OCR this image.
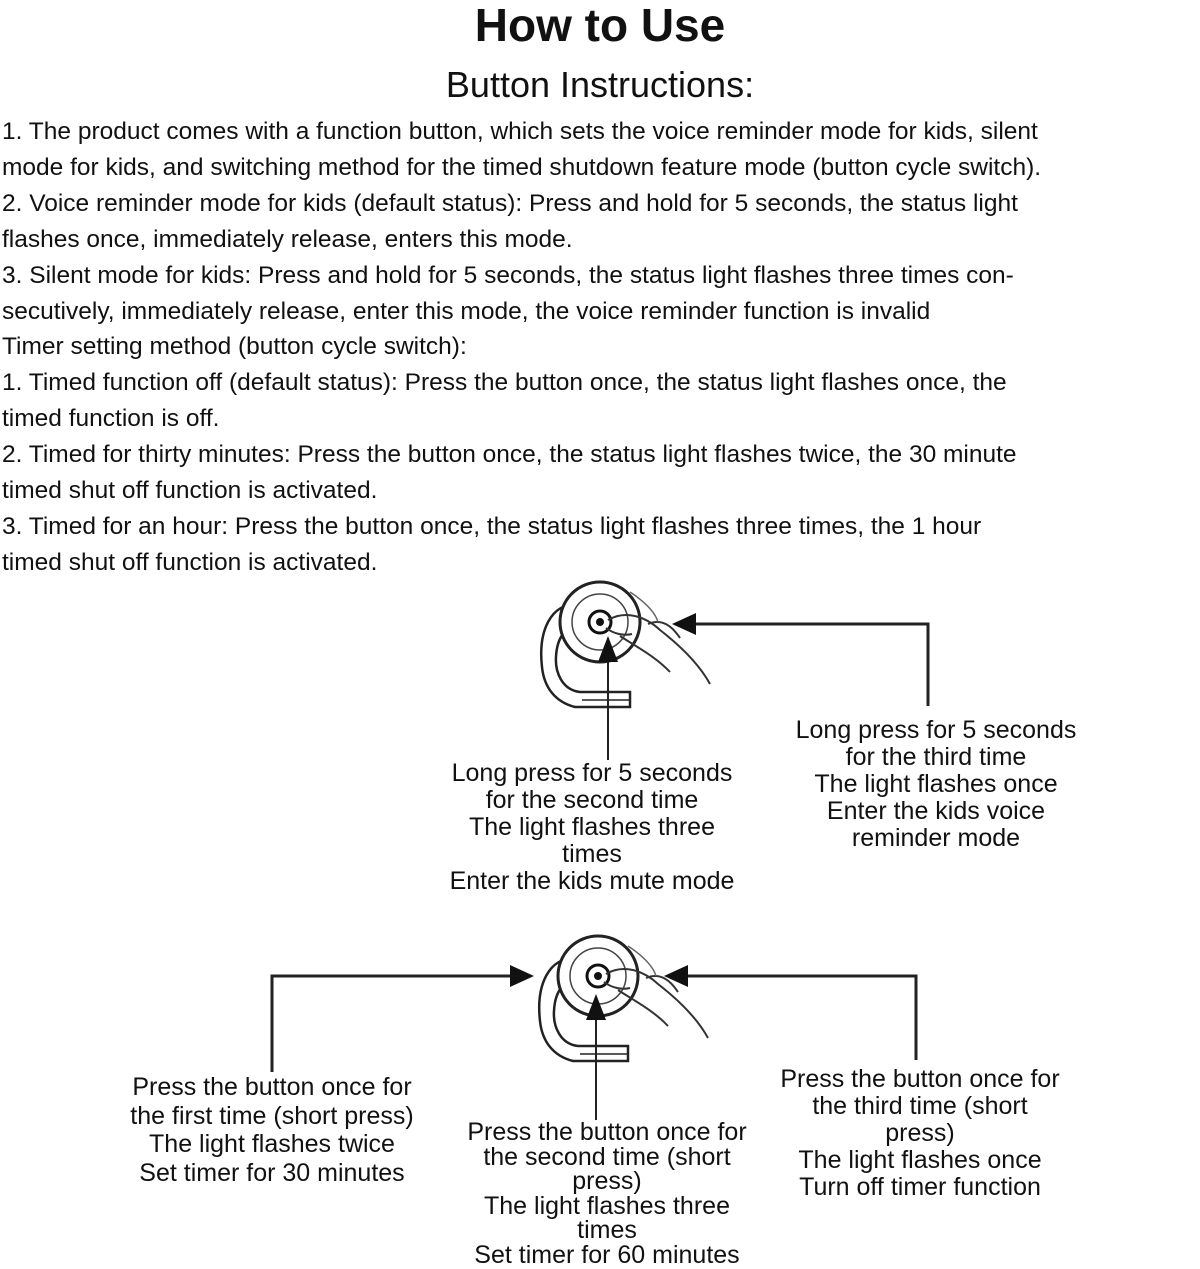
How to Use
Button Instructions:
1. The product comes with a function button, which sets the voice reminder mode for kids, silent
mode for kids, and switching method for the timed shutdown feature mode (button cycle switch).
2. Voice reminder mode for kids (default status): Press and hold for 5 seconds, the status light
flashes once, immediately release, enters this mode.
3. Silent mode for kids: Press and hold for 5 seconds, the status light flashes three times con-
secutively, immediately release, enter this mode, the voice reminder function is invalid
Timer setting method (button cycle switch):
1. Timed function off (default status): Press the button once, the status light flashes once, the
timed function is off.
2. Timed for thirty minutes: Press the button once, the status light flashes twice, the 30 minute
timed shut off function is activated.
3. Timed for an hour: Press the button once, the status light flashes three times, the 1 hour
timed shut off function is activated.
Long press for 5 seconds
for the second time
The light flashes three
times
Enter the kids mute mode
Long press for 5 seconds
for the third time
The light flashes once
Enter the kids voice
reminder mode
Press the button once for
the first time (short press)
The light flashes twice
Set timer for 30 minutes
Press the button once for
the second time (short
press)
The light flashes three
times
Set timer for 60 minutes
Press the button once for
the third time (short
press)
The light flashes once
Turn off timer function
